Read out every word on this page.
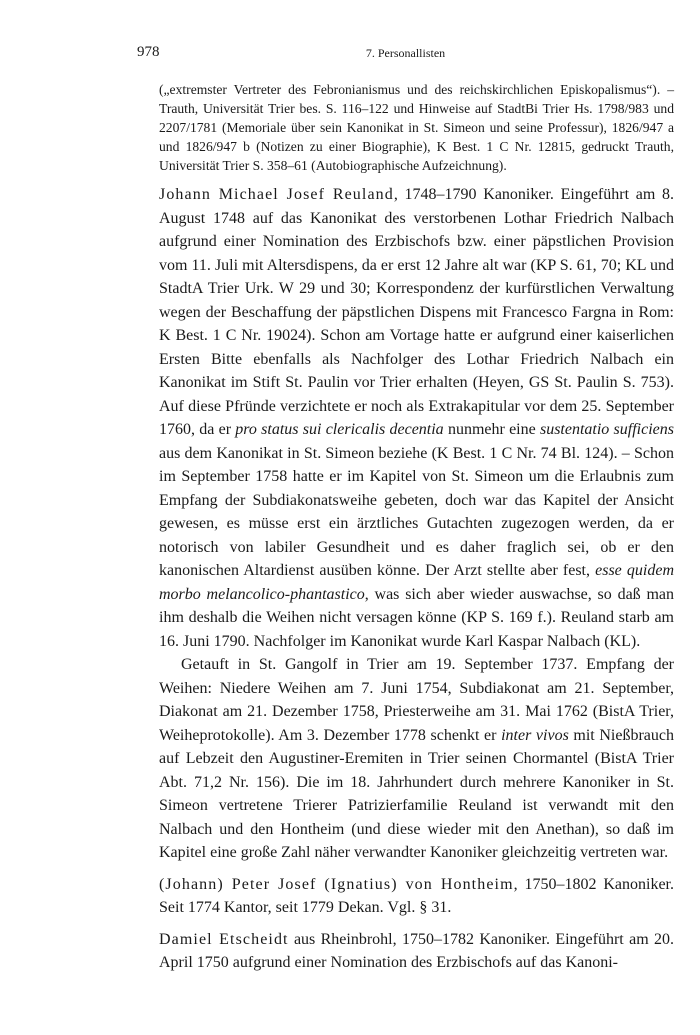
978	7. Personallisten

(„extremster Vertreter des Febronianismus und des reichskirchlichen Episkopalismus“). – Trauth, Universität Trier bes. S. 116–122 und Hinweise auf StadtBi Trier Hs. 1798/983 und 2207/1781 (Memoriale über sein Kanonikat in St. Simeon und seine Professur), 1826/947 a und 1826/947 b (Notizen zu einer Biographie), K Best. 1 C Nr. 12815, gedruckt Trauth, Universität Trier S. 358–61 (Autobiographische Aufzeichnung).

Johann Michael Josef Reuland, 1748–1790 Kanoniker. Eingeführt am 8. August 1748 auf das Kanonikat des verstorbenen Lothar Friedrich Nalbach aufgrund einer Nomination des Erzbischofs bzw. einer päpstlichen Provision vom 11. Juli mit Altersdispens, da er erst 12 Jahre alt war (KP S. 61, 70; KL und StadtA Trier Urk. W 29 und 30; Korrespondenz der kurfürstlichen Verwaltung wegen der Beschaffung der päpstlichen Dispens mit Francesco Fargna in Rom: K Best. 1 C Nr. 19024). Schon am Vortage hatte er aufgrund einer kaiserlichen Ersten Bitte ebenfalls als Nachfolger des Lothar Friedrich Nalbach ein Kanonikat im Stift St. Paulin vor Trier erhalten (Heyen, GS St. Paulin S. 753). Auf diese Pfründe verzichtete er noch als Extrakapitular vor dem 25. September 1760, da er pro status sui clericalis decentia nunmehr eine sustentatio sufficiens aus dem Kanonikat in St. Simeon beziehe (K Best. 1 C Nr. 74 Bl. 124). – Schon im September 1758 hatte er im Kapitel von St. Simeon um die Erlaubnis zum Empfang der Subdiakonatsweihe gebeten, doch war das Kapitel der Ansicht gewesen, es müsse erst ein ärztliches Gutachten zugezogen werden, da er notorisch von labiler Gesundheit und es daher fraglich sei, ob er den kanonischen Altardienst ausüben könne. Der Arzt stellte aber fest, esse quidem morbo melancolico-phantastico, was sich aber wieder auswachse, so daß man ihm deshalb die Weihen nicht versagen könne (KP S. 169 f.). Reuland starb am 16. Juni 1790. Nachfolger im Kanonikat wurde Karl Kaspar Nalbach (KL).

Getauft in St. Gangolf in Trier am 19. September 1737. Empfang der Weihen: Niedere Weihen am 7. Juni 1754, Subdiakonat am 21. September, Diakonat am 21. Dezember 1758, Priesterweihe am 31. Mai 1762 (BistA Trier, Weiheprotokolle). Am 3. Dezember 1778 schenkt er inter vivos mit Nießbrauch auf Lebzeit den Augustiner-Eremiten in Trier seinen Chormantel (BistA Trier Abt. 71,2 Nr. 156). Die im 18. Jahrhundert durch mehrere Kanoniker in St. Simeon vertretene Trierer Patrizierfamilie Reuland ist verwandt mit den Nalbach und den Hontheim (und diese wieder mit den Anethan), so daß im Kapitel eine große Zahl näher verwandter Kanoniker gleichzeitig vertreten war.

(Johann) Peter Josef (Ignatius) von Hontheim, 1750–1802 Kanoniker. Seit 1774 Kantor, seit 1779 Dekan. Vgl. § 31.

Damiel Etscheidt aus Rheinbrohl, 1750–1782 Kanoniker. Eingeführt am 20. April 1750 aufgrund einer Nomination des Erzbischofs auf das Kanoni-
